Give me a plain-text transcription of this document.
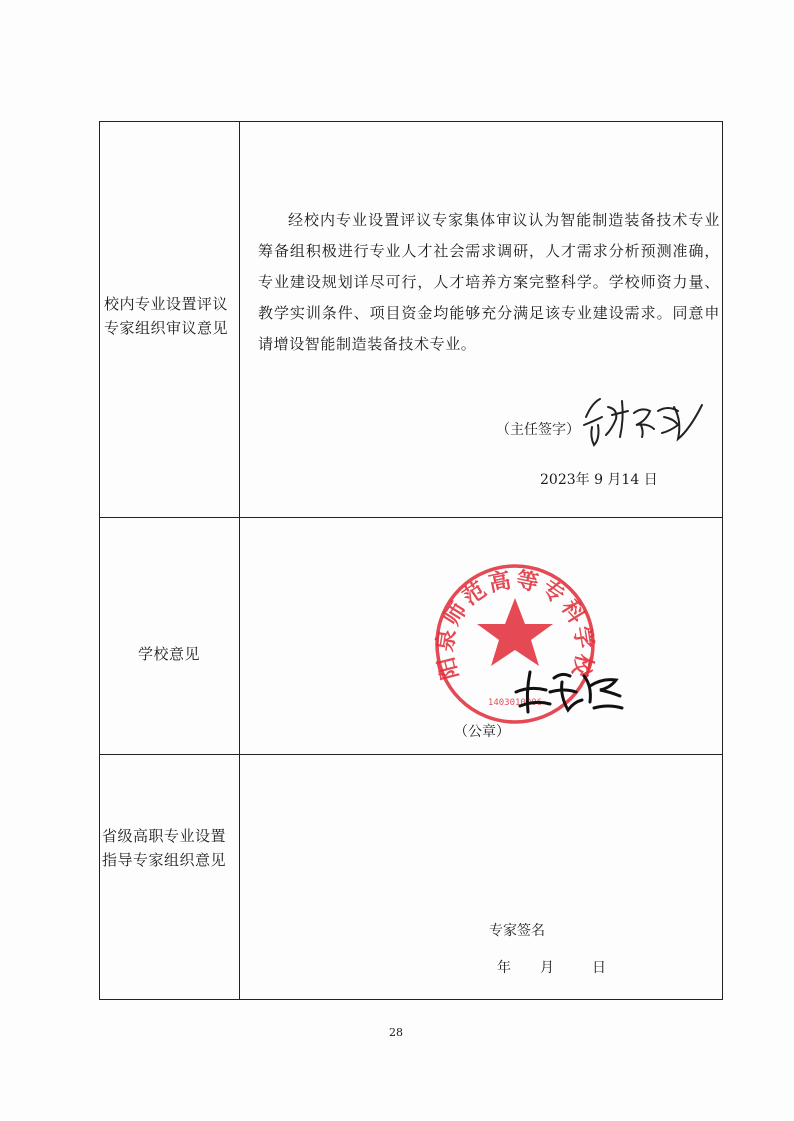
校内专业设置评议专家组织审议意见	经校内专业设置评议专家集体审议认为智能制造装备技术专业筹备组积极进行专业人才社会需求调研，人才需求分析预测准确，专业建设规划详尽可行，人才培养方案完整科学。学校师资力量、教学实训条件、项目资金均能够充分满足该专业建设需求。同意申请增设智能制造装备技术专业。
（主任签字）
2023年 9 月14 日

学校意见	阳泉师范高等专科学校
1403010006
（公章）

省级高职专业设置指导专家组织意见	专家签名
年 月 日
28
